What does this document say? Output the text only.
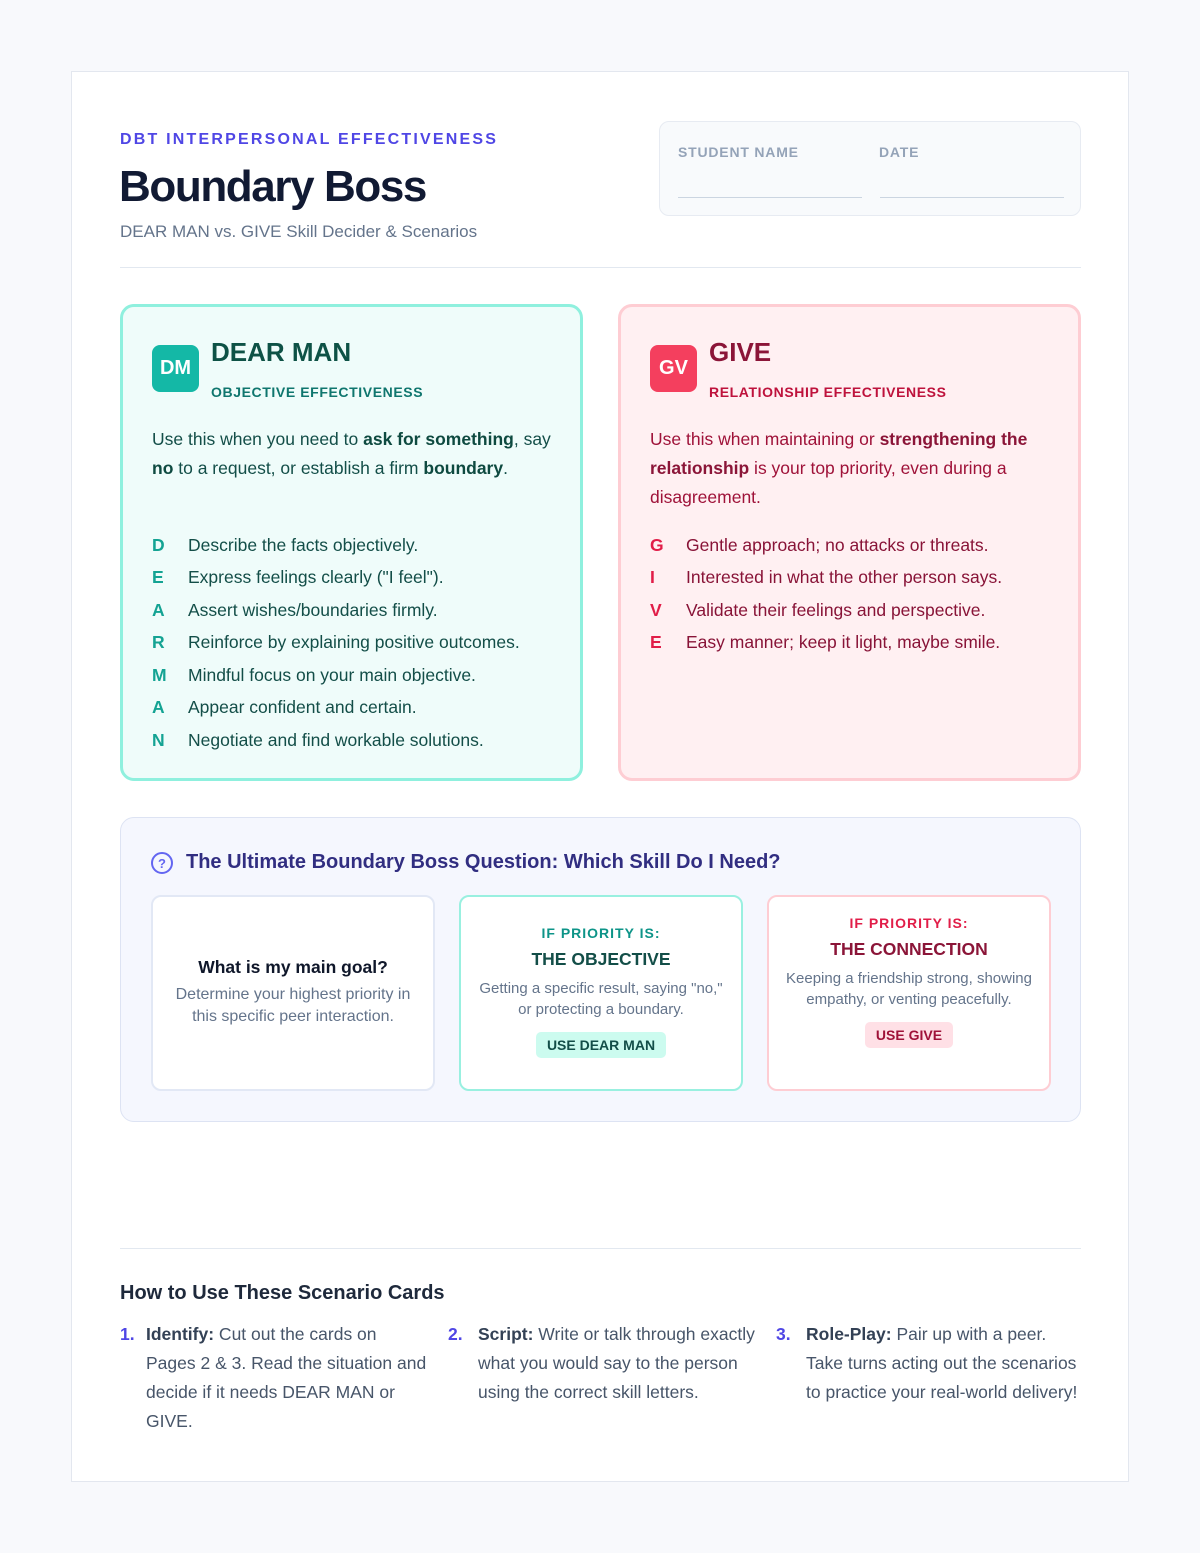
DBT INTERPERSONAL EFFECTIVENESS
Boundary Boss
DEAR MAN vs. GIVE Skill Decider & Scenarios
STUDENT NAME	DATE
DM
DEAR MAN
OBJECTIVE EFFECTIVENESS
Use this when you need to ask for something, say no to a request, or establish a firm boundary.
D	Describe the facts objectively.
E	Express feelings clearly ("I feel").
A	Assert wishes/boundaries firmly.
R	Reinforce by explaining positive outcomes.
M	Mindful focus on your main objective.
A	Appear confident and certain.
N	Negotiate and find workable solutions.
GV
GIVE
RELATIONSHIP EFFECTIVENESS
Use this when maintaining or strengthening the relationship is your top priority, even during a disagreement.
G	Gentle approach; no attacks or threats.
I	Interested in what the other person says.
V	Validate their feelings and perspective.
E	Easy manner; keep it light, maybe smile.
?	The Ultimate Boundary Boss Question: Which Skill Do I Need?
What is my main goal?
Determine your highest priority in this specific peer interaction.
IF PRIORITY IS:
THE OBJECTIVE
Getting a specific result, saying "no," or protecting a boundary.
USE DEAR MAN
IF PRIORITY IS:
THE CONNECTION
Keeping a friendship strong, showing empathy, or venting peacefully.
USE GIVE
How to Use These Scenario Cards
1. Identify: Cut out the cards on Pages 2 & 3. Read the situation and decide if it needs DEAR MAN or GIVE.
2. Script: Write or talk through exactly what you would say to the person using the correct skill letters.
3. Role-Play: Pair up with a peer. Take turns acting out the scenarios to practice your real-world delivery!
